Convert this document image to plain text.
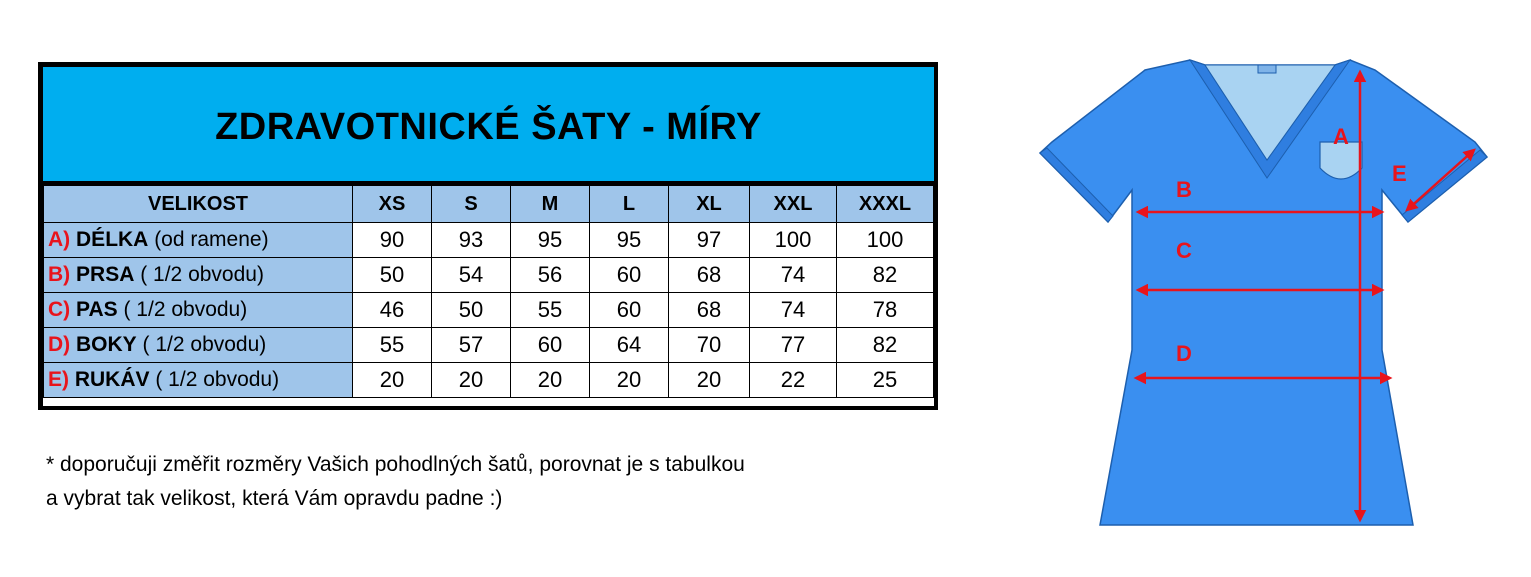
ZDRAVOTNICKÉ ŠATY - MÍRY
VELIKOST	XS	S	M	L	XL	XXL	XXXL
A) DÉLKA (od ramene)	90	93	95	95	97	100	100
B) PRSA ( 1/2 obvodu)	50	54	56	60	68	74	82
C) PAS ( 1/2 obvodu)	46	50	55	60	68	74	78
D) BOKY ( 1/2 obvodu)	55	57	60	64	70	77	82
E) RUKÁV ( 1/2 obvodu)	20	20	20	20	20	22	25
* doporučuji změřit rozměry Vašich pohodlných šatů, porovnat je s tabulkou
a vybrat tak velikost, která Vám opravdu padne :)
A
B
C
D
E
